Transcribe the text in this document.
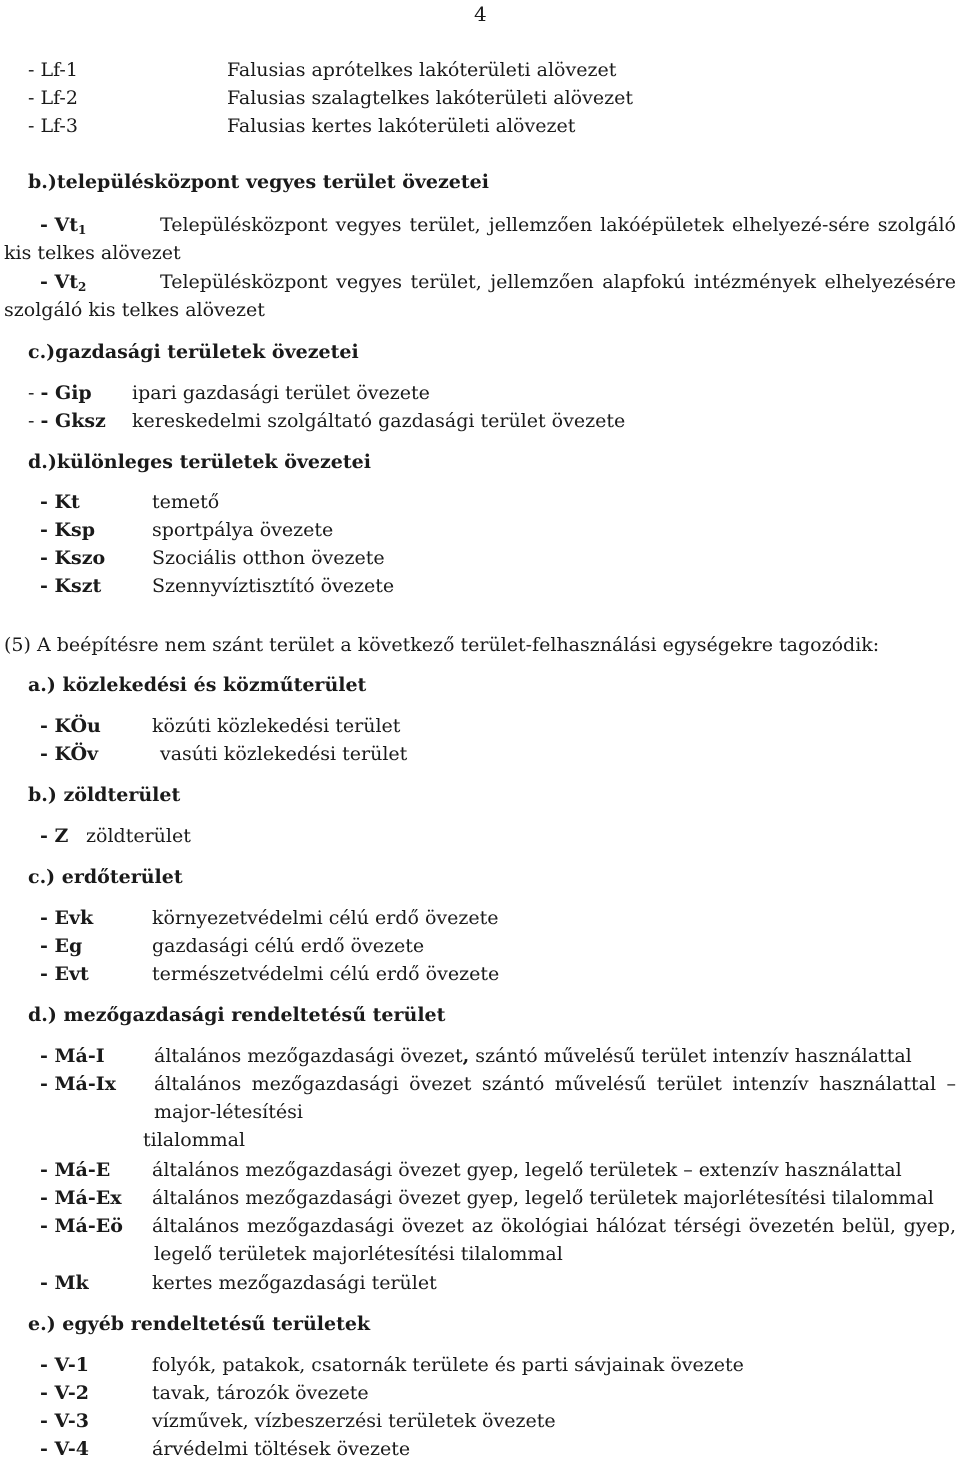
4
- Lf-1	Falusias aprótelkes lakóterületi alövezet
- Lf-2	Falusias szalagtelkes lakóterületi alövezet
- Lf-3	Falusias kertes lakóterületi alövezet
b.)településközpont vegyes terület övezetei
- $Vt_1$	Településközpont vegyes terület, jellemzően lakóépületek elhelyezé-sére szolgáló
kis telkes alövezet
- $Vt_2$	Településközpont vegyes terület, jellemzően alapfokú intézmények elhelyezésére
szolgáló kis telkes alövezet
c.)gazdasági területek övezetei
- - Gip ipari gazdasági terület övezete
- - Gksz kereskedelmi szolgáltató gazdasági terület övezete
d.)különleges területek övezetei
- Kt	temető
- Ksp	sportpálya övezete
- Kszo Szociális otthon övezete
- Kszt	Szennyvíztisztító övezete
(5) A beépítésre nem szánt terület a következő terület-felhasználási egységekre tagozódik:
a.) közlekedési és közműterület
- KÖu	közúti közlekedési terület
- KÖv	vasúti közlekedési terület
b.) zöldterület
- Z zöldterület
c.) erdőterület
- Evk	környezetvédelmi célú erdő övezete
- Eg	gazdasági célú erdő övezete
- Evt	természetvédelmi célú erdő övezete
d.) mezőgazdasági rendeltetésű terület
- Má-I	általános mezőgazdasági övezet, szántó művelésű terület intenzív használattal
- Má-Ix általános mezőgazdasági övezet szántó művelésű terület intenzív használattal –
major-létesítési
tilalommal
- Má-E általános mezőgazdasági övezet gyep, legelő területek – extenzív használattal
- Má-Ex általános mezőgazdasági övezet gyep, legelő területek majorlétesítési tilalommal
- Má-Eö általános mezőgazdasági övezet az ökológiai hálózat térségi övezetén belül, gyep,
legelő területek majorlétesítési tilalommal
- Mk	kertes mezőgazdasági terület
e.) egyéb rendeltetésű területek
- V-1	folyók, patakok, csatornák területe és parti sávjainak övezete
- V-2	tavak, tározók övezete
- V-3	vízművek, vízbeszerzési területek övezete
- V-4	árvédelmi töltések övezete
